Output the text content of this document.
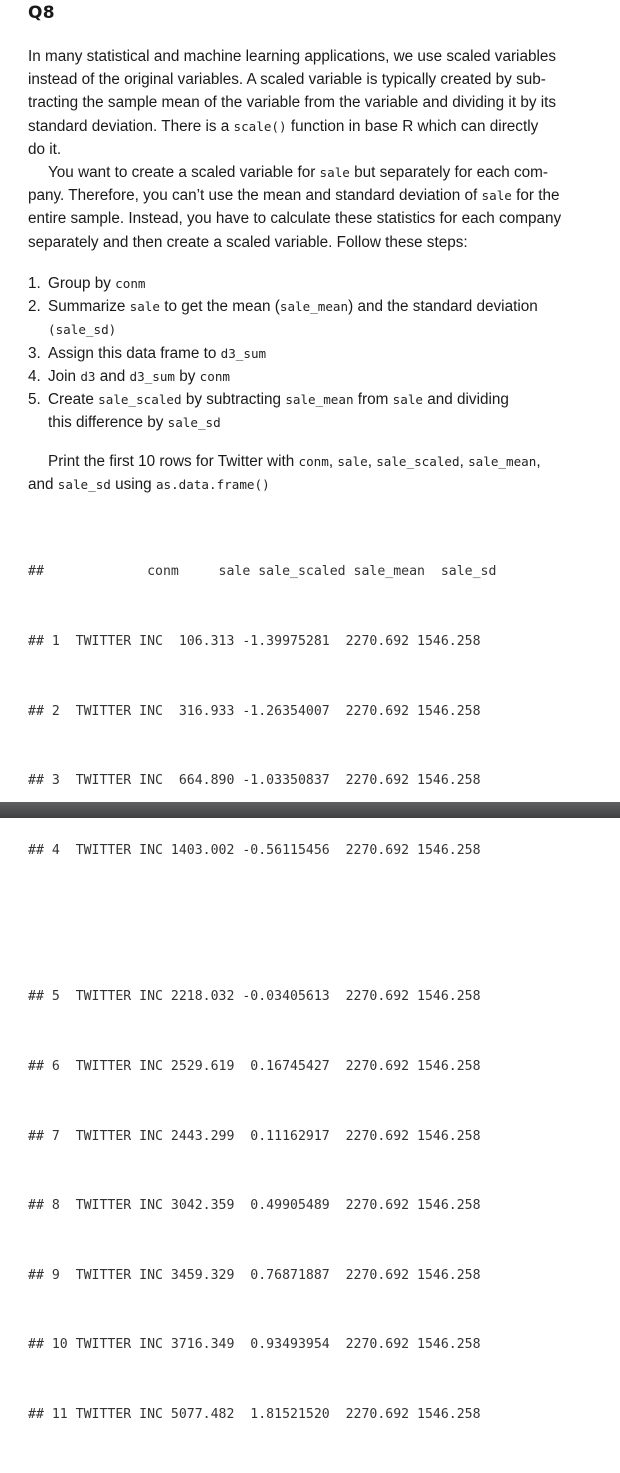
Q8
In many statistical and machine learning applications, we use scaled variables
instead of the original variables. A scaled variable is typically created by sub-
tracting the sample mean of the variable from the variable and dividing it by its
standard deviation. There is a scale() function in base R which can directly
do it.
You want to create a scaled variable for sale but separately for each com-
pany. Therefore, you can’t use the mean and standard deviation of sale for the
entire sample. Instead, you have to calculate these statistics for each company
separately and then create a scaled variable. Follow these steps:
1. Group by conm
2. Summarize sale to get the mean (sale_mean) and the standard deviation
(sale_sd)
3. Assign this data frame to d3_sum
4. Join d3 and d3_sum by conm
5. Create sale_scaled by subtracting sale_mean from sale and dividing
this difference by sale_sd
Print the first 10 rows for Twitter with conm, sale, sale_scaled, sale_mean,
and sale_sd using as.data.frame()

##             conm     sale sale_scaled sale_mean  sale_sd

## 1  TWITTER INC  106.313 -1.39975281  2270.692 1546.258

## 2  TWITTER INC  316.933 -1.26354007  2270.692 1546.258

## 3  TWITTER INC  664.890 -1.03350837  2270.692 1546.258

## 4  TWITTER INC 1403.002 -0.56115456  2270.692 1546.258

## 5  TWITTER INC 2218.032 -0.03405613  2270.692 1546.258

## 6  TWITTER INC 2529.619  0.16745427  2270.692 1546.258

## 7  TWITTER INC 2443.299  0.11162917  2270.692 1546.258

## 8  TWITTER INC 3042.359  0.49905489  2270.692 1546.258

## 9  TWITTER INC 3459.329  0.76871887  2270.692 1546.258

## 10 TWITTER INC 3716.349  0.93493954  2270.692 1546.258

## 11 TWITTER INC 5077.482  1.81521520  2270.692 1546.258
